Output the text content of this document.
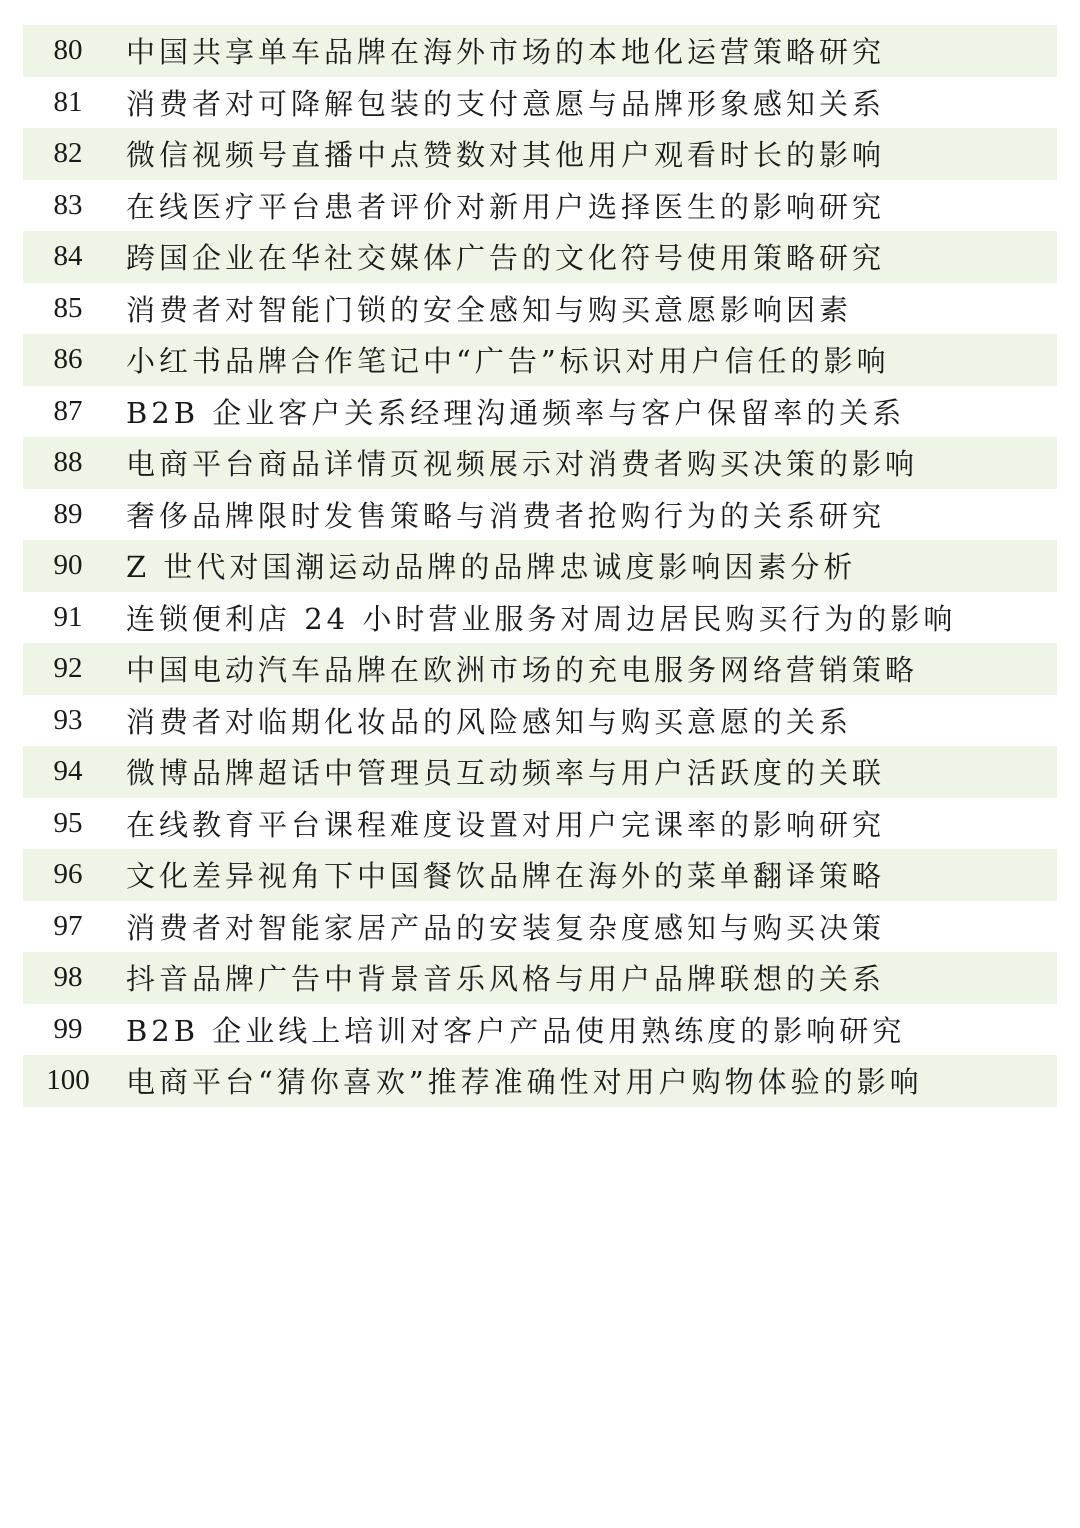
80	中国共享单车品牌在海外市场的本地化运营策略研究
81	消费者对可降解包装的支付意愿与品牌形象感知关系
82	微信视频号直播中点赞数对其他用户观看时长的影响
83	在线医疗平台患者评价对新用户选择医生的影响研究
84	跨国企业在华社交媒体广告的文化符号使用策略研究
85	消费者对智能门锁的安全感知与购买意愿影响因素
86	小红书品牌合作笔记中“广告”标识对用户信任的影响
87	B2B 企业客户关系经理沟通频率与客户保留率的关系
88	电商平台商品详情页视频展示对消费者购买决策的影响
89	奢侈品牌限时发售策略与消费者抢购行为的关系研究
90	Z 世代对国潮运动品牌的品牌忠诚度影响因素分析
91	连锁便利店 24 小时营业服务对周边居民购买行为的影响
92	中国电动汽车品牌在欧洲市场的充电服务网络营销策略
93	消费者对临期化妆品的风险感知与购买意愿的关系
94	微博品牌超话中管理员互动频率与用户活跃度的关联
95	在线教育平台课程难度设置对用户完课率的影响研究
96	文化差异视角下中国餐饮品牌在海外的菜单翻译策略
97	消费者对智能家居产品的安装复杂度感知与购买决策
98	抖音品牌广告中背景音乐风格与用户品牌联想的关系
99	B2B 企业线上培训对客户产品使用熟练度的影响研究
100	电商平台“猜你喜欢”推荐准确性对用户购物体验的影响
